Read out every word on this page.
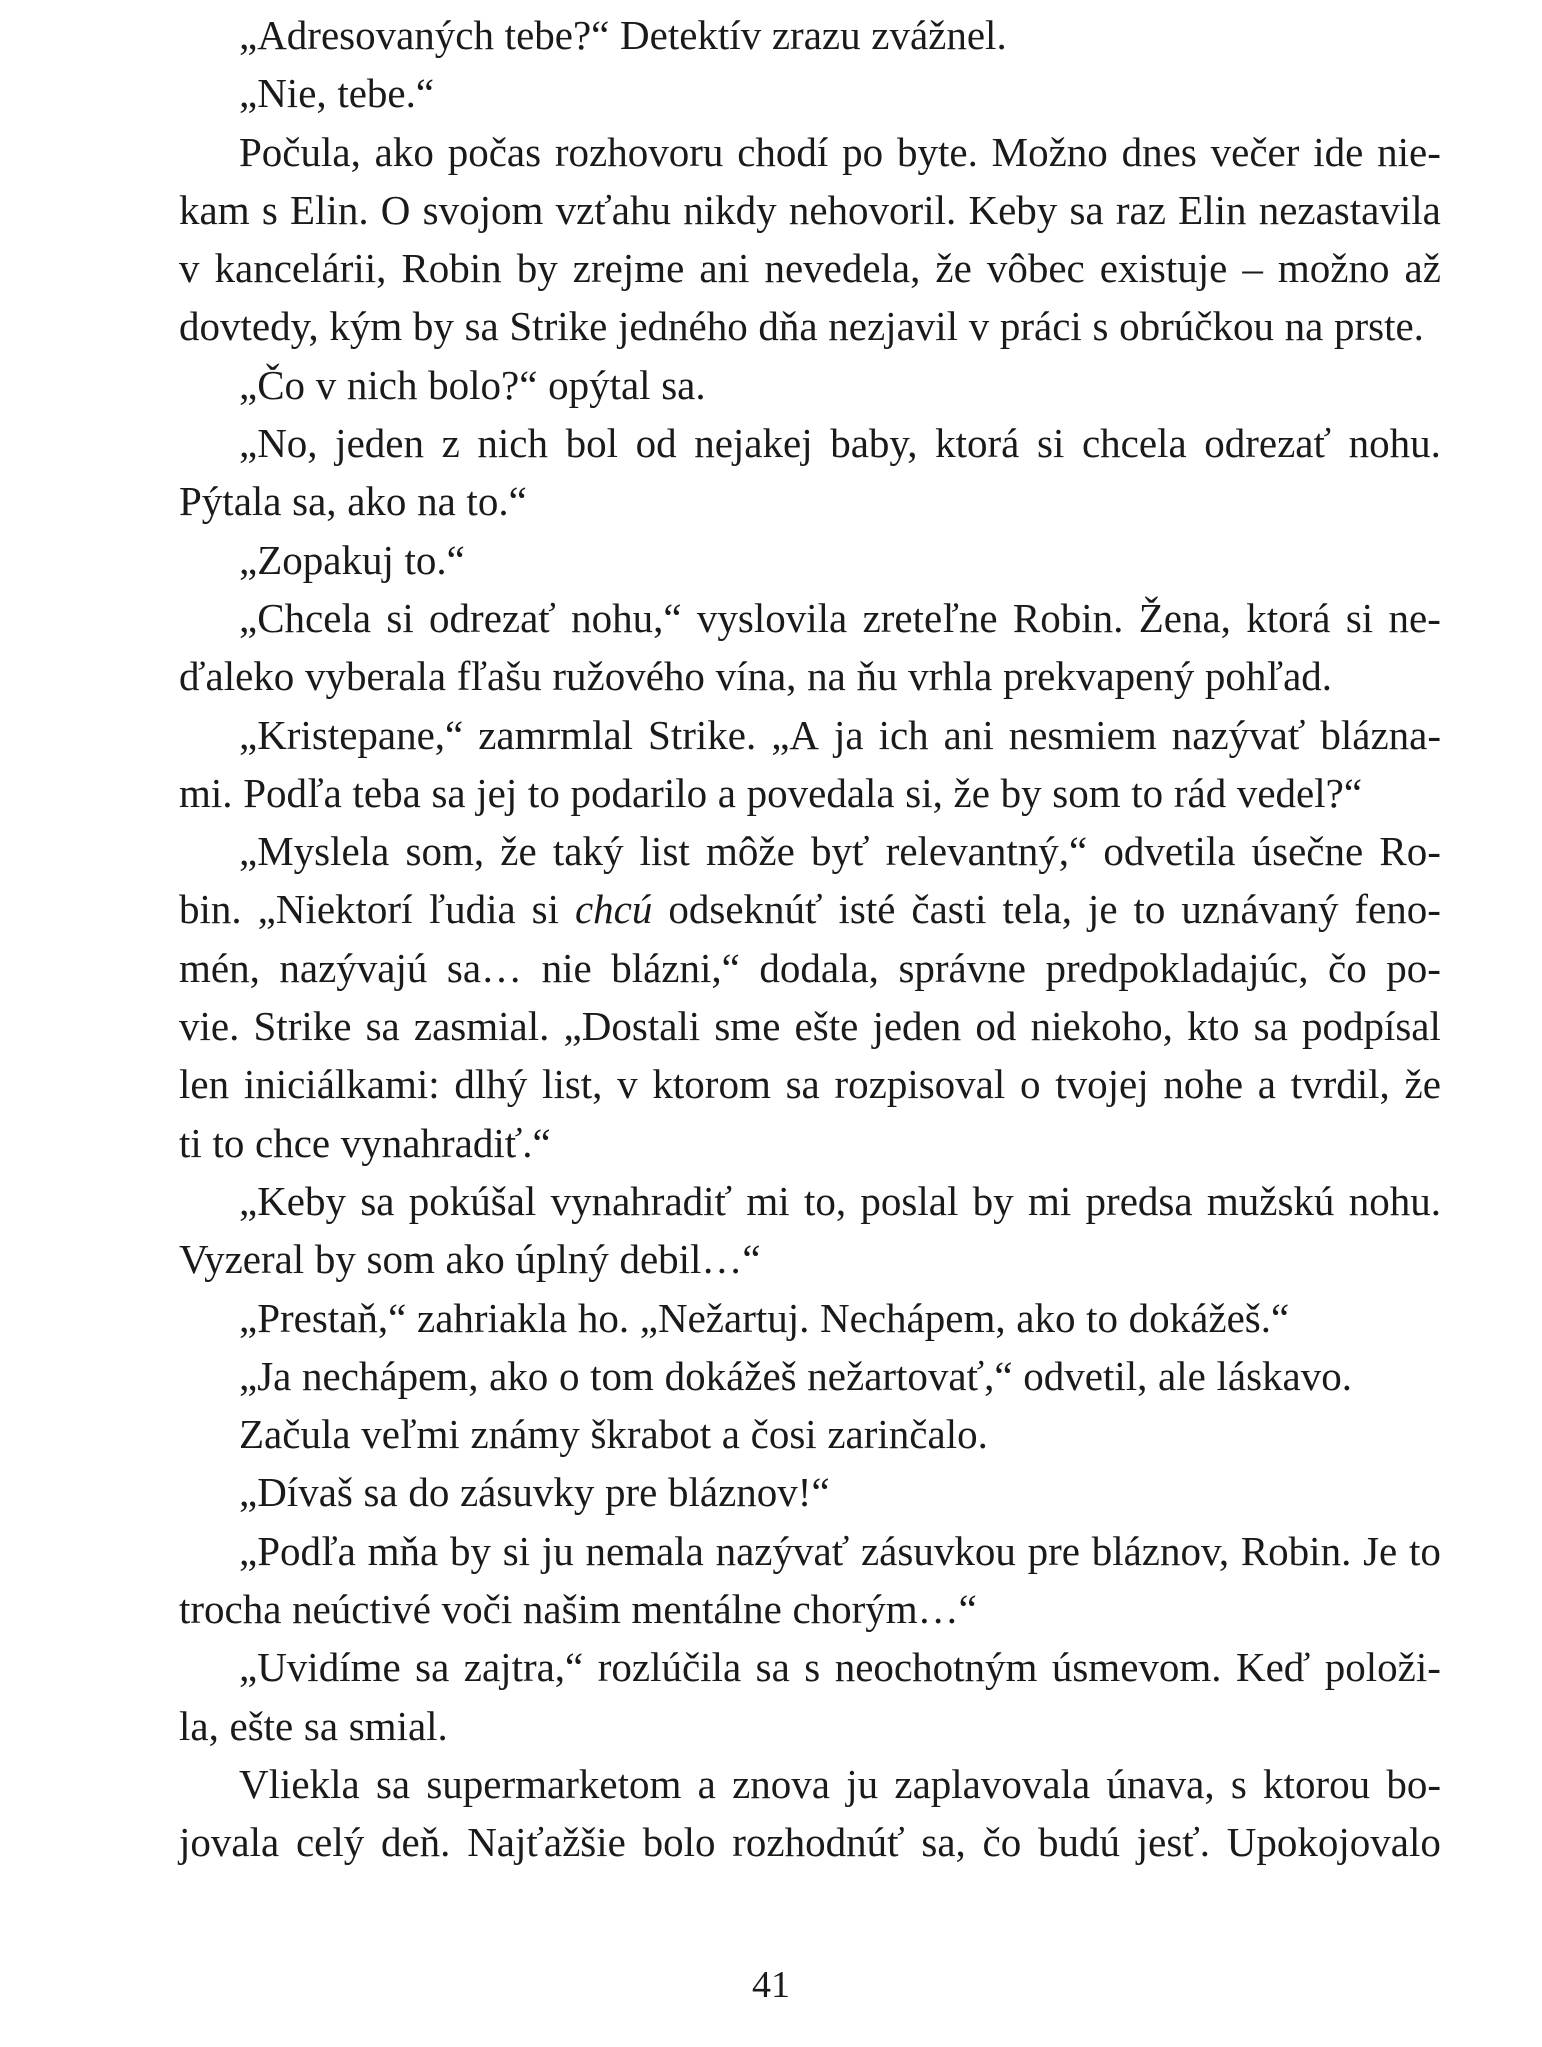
„Adresovaných tebe?“ Detektív zrazu zvážnel.
„Nie, tebe.“
Počula, ako počas rozhovoru chodí po byte. Možno dnes večer ide nie-
kam s Elin. O svojom vzťahu nikdy nehovoril. Keby sa raz Elin nezastavila
v kancelárii, Robin by zrejme ani nevedela, že vôbec existuje – možno až
dovtedy, kým by sa Strike jedného dňa nezjavil v práci s obrúčkou na prste.
„Čo v nich bolo?“ opýtal sa.
„No, jeden z nich bol od nejakej baby, ktorá si chcela odrezať nohu.
Pýtala sa, ako na to.“
„Zopakuj to.“
„Chcela si odrezať nohu,“ vyslovila zreteľne Robin. Žena, ktorá si ne-
ďaleko vyberala fľašu ružového vína, na ňu vrhla prekvapený pohľad.
„Kristepane,“ zamrmlal Strike. „A ja ich ani nesmiem nazývať blázna-
mi. Podľa teba sa jej to podarilo a povedala si, že by som to rád vedel?“
„Myslela som, že taký list môže byť relevantný,“ odvetila úsečne Ro-
bin. „Niektorí ľudia si chcú odseknúť isté časti tela, je to uznávaný feno-
mén, nazývajú sa… nie blázni,“ dodala, správne predpokladajúc, čo po-
vie. Strike sa zasmial. „Dostali sme ešte jeden od niekoho, kto sa podpísal
len iniciálkami: dlhý list, v ktorom sa rozpisoval o tvojej nohe a tvrdil, že
ti to chce vynahradiť.“
„Keby sa pokúšal vynahradiť mi to, poslal by mi predsa mužskú nohu.
Vyzeral by som ako úplný debil…“
„Prestaň,“ zahriakla ho. „Nežartuj. Nechápem, ako to dokážeš.“
„Ja nechápem, ako o tom dokážeš nežartovať,“ odvetil, ale láskavo.
Začula veľmi známy škrabot a čosi zarinčalo.
„Dívaš sa do zásuvky pre bláznov!“
„Podľa mňa by si ju nemala nazývať zásuvkou pre bláznov, Robin. Je to
trocha neúctivé voči našim mentálne chorým…“
„Uvidíme sa zajtra,“ rozlúčila sa s neochotným úsmevom. Keď položi-
la, ešte sa smial.
Vliekla sa supermarketom a znova ju zaplavovala únava, s ktorou bo-
jovala celý deň. Najťažšie bolo rozhodnúť sa, čo budú jesť. Upokojovalo
41
